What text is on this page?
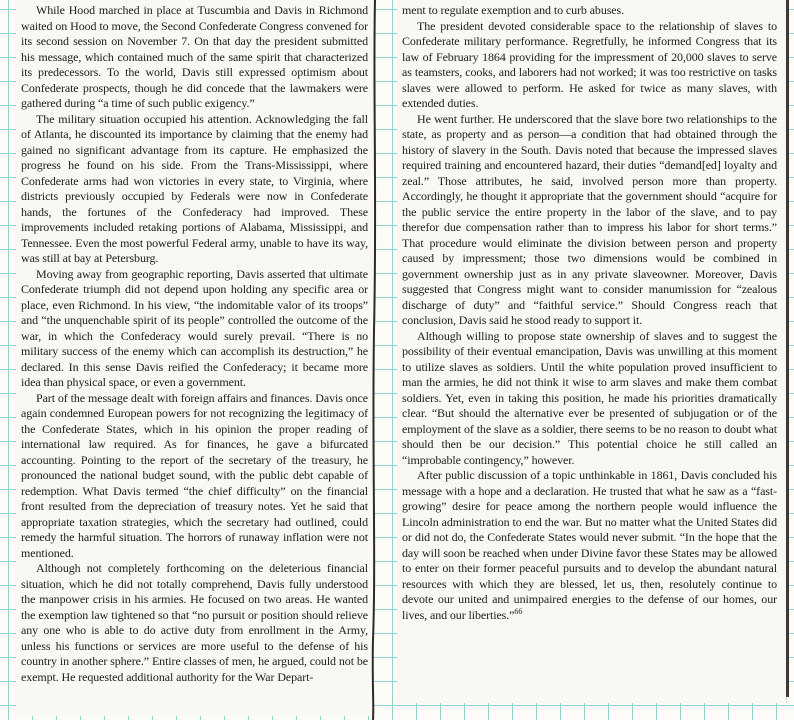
While Hood marched in place at Tuscumbia and Davis in Richmond waited on Hood to move, the Second Confederate Congress convened for its second session on November 7. On that day the president submitted his message, which contained much of the same spirit that characterized its predecessors. To the world, Davis still expressed optimism about Confederate prospects, though he did concede that the lawmakers were gathered during “a time of such public exigency.”

The military situation occupied his attention. Acknowledging the fall of Atlanta, he discounted its importance by claiming that the enemy had gained no significant advantage from its capture. He emphasized the progress he found on his side. From the Trans-Mississippi, where Confederate arms had won victories in every state, to Virginia, where districts previously occupied by Federals were now in Confederate hands, the fortunes of the Confederacy had improved. These improvements included retaking portions of Alabama, Mississippi, and Tennessee. Even the most powerful Federal army, unable to have its way, was still at bay at Petersburg.

Moving away from geographic reporting, Davis asserted that ultimate Confederate triumph did not depend upon holding any specific area or place, even Richmond. In his view, “the indomitable valor of its troops” and “the unquenchable spirit of its people” controlled the outcome of the war, in which the Confederacy would surely prevail. “There is no military success of the enemy which can accomplish its destruction,” he declared. In this sense Davis reified the Confederacy; it became more idea than physical space, or even a government.

Part of the message dealt with foreign affairs and finances. Davis once again condemned European powers for not recognizing the legitimacy of the Confederate States, which in his opinion the proper reading of international law required. As for finances, he gave a bifurcated accounting. Pointing to the report of the secretary of the treasury, he pronounced the national budget sound, with the public debt capable of redemption. What Davis termed “the chief difficulty” on the financial front resulted from the depreciation of treasury notes. Yet he said that appropriate taxation strategies, which the secretary had outlined, could remedy the harmful situation. The horrors of runaway inflation were not mentioned.

Although not completely forthcoming on the deleterious financial situation, which he did not totally comprehend, Davis fully understood the manpower crisis in his armies. He focused on two areas. He wanted the exemption law tightened so that “no pursuit or position should relieve any one who is able to do active duty from enrollment in the Army, unless his functions or services are more useful to the defense of his country in another sphere.” Entire classes of men, he argued, could not be exempt. He requested additional authority for the War Depart-

ment to regulate exemption and to curb abuses.

The president devoted considerable space to the relationship of slaves to Confederate military performance. Regretfully, he informed Congress that its law of February 1864 providing for the impressment of 20,000 slaves to serve as teamsters, cooks, and laborers had not worked; it was too restrictive on tasks slaves were allowed to perform. He asked for twice as many slaves, with extended duties.

He went further. He underscored that the slave bore two relationships to the state, as property and as person—a condition that had obtained through the history of slavery in the South. Davis noted that because the impressed slaves required training and encountered hazard, their duties “demand[ed] loyalty and zeal.” Those attributes, he said, involved person more than property. Accordingly, he thought it appropriate that the government should “acquire for the public service the entire property in the labor of the slave, and to pay therefor due compensation rather than to impress his labor for short terms.” That procedure would eliminate the division between person and property caused by impressment; those two dimensions would be combined in government ownership just as in any private slaveowner. Moreover, Davis suggested that Congress might want to consider manumission for “zealous discharge of duty” and “faithful service.” Should Congress reach that conclusion, Davis said he stood ready to support it.

Although willing to propose state ownership of slaves and to suggest the possibility of their eventual emancipation, Davis was unwilling at this moment to utilize slaves as soldiers. Until the white population proved insufficient to man the armies, he did not think it wise to arm slaves and make them combat soldiers. Yet, even in taking this position, he made his priorities dramatically clear. “But should the alternative ever be presented of subjugation or of the employment of the slave as a soldier, there seems to be no reason to doubt what should then be our decision.” This potential choice he still called an “improbable contingency,” however.

After public discussion of a topic unthinkable in 1861, Davis concluded his message with a hope and a declaration. He trusted that what he saw as a “fast-growing” desire for peace among the northern people would influence the Lincoln administration to end the war. But no matter what the United States did or did not do, the Confederate States would never submit. “In the hope that the day will soon be reached when under Divine favor these States may be allowed to enter on their former peaceful pursuits and to develop the abundant natural resources with which they are blessed, let us, then, resolutely continue to devote our united and unimpaired energies to the defense of our homes, our lives, and our liberties.”$^{66}$
